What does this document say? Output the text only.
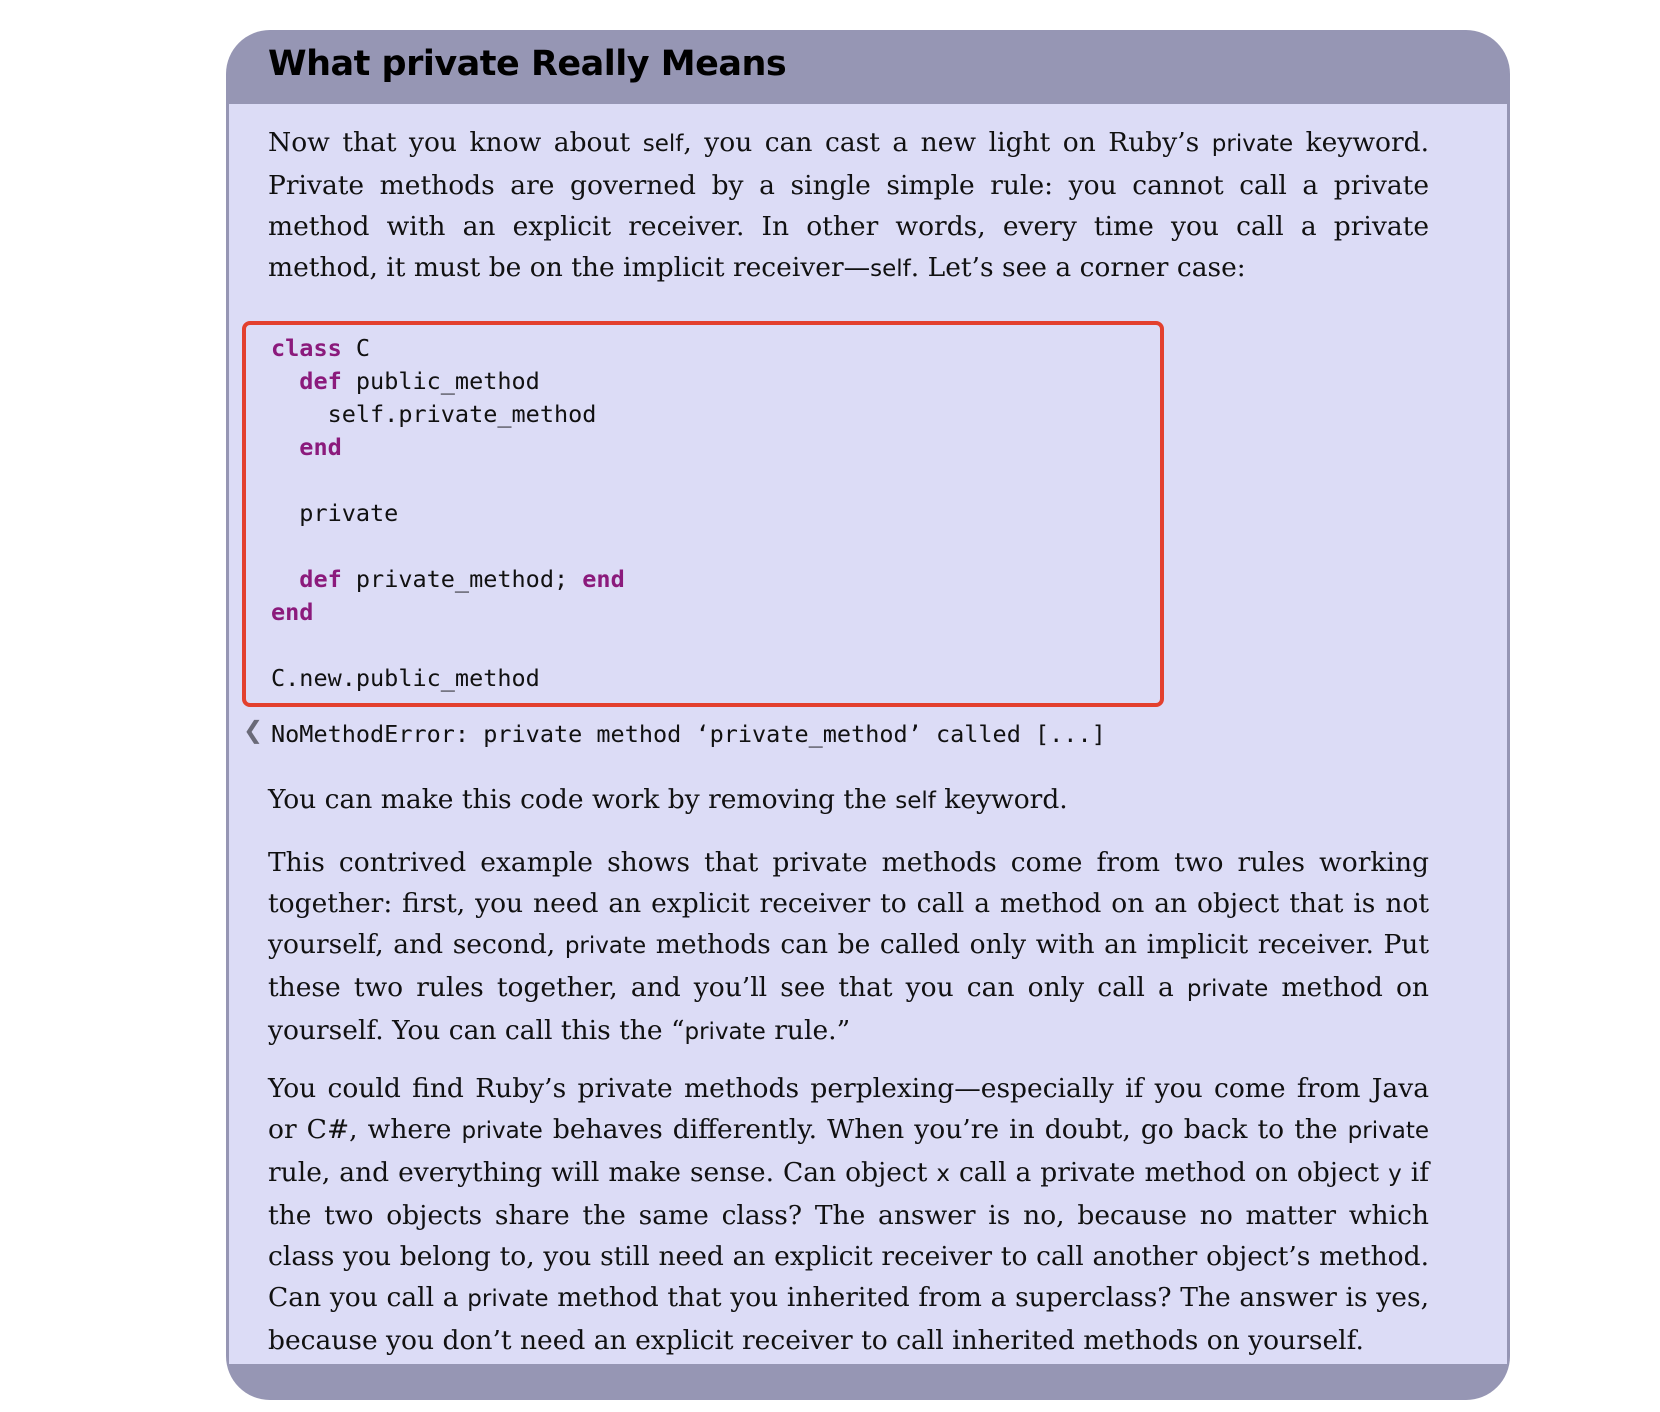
What private Really Means

Now that you know about self, you can cast a new light on Ruby’s private keyword. Private methods are governed by a single simple rule: you cannot call a private method with an explicit receiver. In other words, every time you call a private method, it must be on the implicit receiver—self. Let’s see a corner case:

class C
def public_method
self.private_method
end

private

def private_method; end
end

C.new.public_method
❮ NoMethodError: private method ‘private_method’ called [...]

You can make this code work by removing the self keyword.

This contrived example shows that private methods come from two rules working together: first, you need an explicit receiver to call a method on an object that is not yourself, and second, private methods can be called only with an implicit receiver. Put these two rules together, and you’ll see that you can only call a private method on yourself. You can call this the “private rule.”

You could find Ruby’s private methods perplexing—especially if you come from Java or C#, where private behaves differently. When you’re in doubt, go back to the private rule, and everything will make sense. Can object x call a private method on object y if the two objects share the same class? The answer is no, because no matter which class you belong to, you still need an explicit receiver to call another object’s method. Can you call a private method that you inherited from a superclass? The answer is yes, because you don’t need an explicit receiver to call inherited methods on yourself.
